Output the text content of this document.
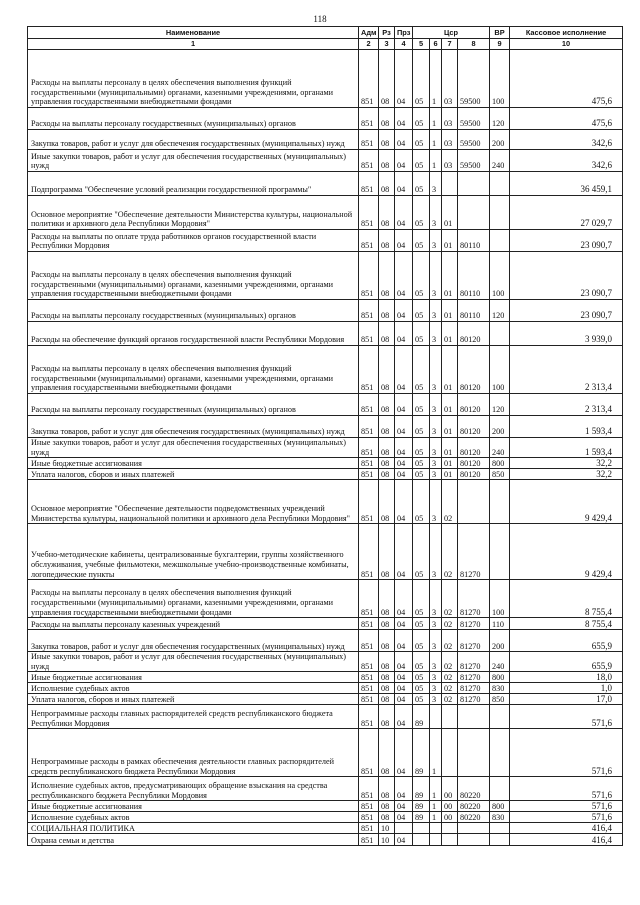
118
Наименование	Адм	Рз	Прз	Цср				ВР	Кассовое исполнение
1	2	3	4	5	6	7	8	9	10
Расходы на выплаты персоналу в целях обеспечения выполнения функций государственными (муниципальными) органами, казенными учреждениями, органами управления государственными внебюджетными фондами	851	08	04	05	1	03	59500	100	475,6
Расходы на выплаты персоналу государственных (муниципальных) органов	851	08	04	05	1	03	59500	120	475,6
Закупка товаров, работ и услуг для обеспечения государственных (муниципальных) нужд	851	08	04	05	1	03	59500	200	342,6
Иные закупки товаров, работ и услуг для обеспечения государственных (муниципальных) нужд	851	08	04	05	1	03	59500	240	342,6
Подпрограмма "Обеспечение условий реализации государственной программы"	851	08	04	05	3				36 459,1
Основное мероприятие "Обеспечение деятельности Министерства культуры, национальной политики и архивного дела Республики Мордовия"	851	08	04	05	3	01			27 029,7
Расходы на выплаты по оплате труда работников органов государственной власти Республики Мордовия	851	08	04	05	3	01	80110		23 090,7
Расходы на выплаты персоналу в целях обеспечения выполнения функций государственными (муниципальными) органами, казенными учреждениями, органами управления государственными внебюджетными фондами	851	08	04	05	3	01	80110	100	23 090,7
Расходы на выплаты персоналу государственных (муниципальных) органов	851	08	04	05	3	01	80110	120	23 090,7
Расходы на обеспечение функций органов государственной власти Республики Мордовия	851	08	04	05	3	01	80120		3 939,0
Расходы на выплаты персоналу в целях обеспечения выполнения функций государственными (муниципальными) органами, казенными учреждениями, органами управления государственными внебюджетными фондами	851	08	04	05	3	01	80120	100	2 313,4
Расходы на выплаты персоналу государственных (муниципальных) органов	851	08	04	05	3	01	80120	120	2 313,4
Закупка товаров, работ и услуг для обеспечения государственных (муниципальных) нужд	851	08	04	05	3	01	80120	200	1 593,4
Иные закупки товаров, работ и услуг для обеспечения государственных (муниципальных) нужд	851	08	04	05	3	01	80120	240	1 593,4
Иные бюджетные ассигнования	851	08	04	05	3	01	80120	800	32,2
Уплата налогов, сборов и иных платежей	851	08	04	05	3	01	80120	850	32,2
Основное мероприятие "Обеспечение деятельности подведомственных учреждений Министерства культуры, национальной политики и архивного дела Республики Мордовия"	851	08	04	05	3	02			9 429,4
Учебно-методические кабинеты, централизованные бухгалтерии, группы хозяйственного обслуживания, учебные фильмотеки, межшкольные учебно-производственные комбинаты, логопедические пункты	851	08	04	05	3	02	81270		9 429,4
Расходы на выплаты персоналу в целях обеспечения выполнения функций государственными (муниципальными) органами, казенными учреждениями, органами управления государственными внебюджетными фондами	851	08	04	05	3	02	81270	100	8 755,4
Расходы на выплаты персоналу казенных учреждений	851	08	04	05	3	02	81270	110	8 755,4
Закупка товаров, работ и услуг для обеспечения государственных (муниципальных) нужд	851	08	04	05	3	02	81270	200	655,9
Иные закупки товаров, работ и услуг для обеспечения государственных (муниципальных) нужд	851	08	04	05	3	02	81270	240	655,9
Иные бюджетные ассигнования	851	08	04	05	3	02	81270	800	18,0
Исполнение судебных актов	851	08	04	05	3	02	81270	830	1,0
Уплата налогов, сборов и иных платежей	851	08	04	05	3	02	81270	850	17,0
Непрограммные расходы главных распорядителей средств республиканского бюджета Республики Мордовия	851	08	04	89					571,6
Непрограммные расходы в рамках обеспечения деятельности главных распорядителей средств республиканского бюджета Республики Мордовия	851	08	04	89	1				571,6
Исполнение судебных актов, предусматривающих обращение взыскания на средства республиканского бюджета Республики Мордовия	851	08	04	89	1	00	80220		571,6
Иные бюджетные ассигнования	851	08	04	89	1	00	80220	800	571,6
Исполнение судебных актов	851	08	04	89	1	00	80220	830	571,6
СОЦИАЛЬНАЯ ПОЛИТИКА	851	10							416,4
Охрана семьи и детства	851	10	04						416,4
